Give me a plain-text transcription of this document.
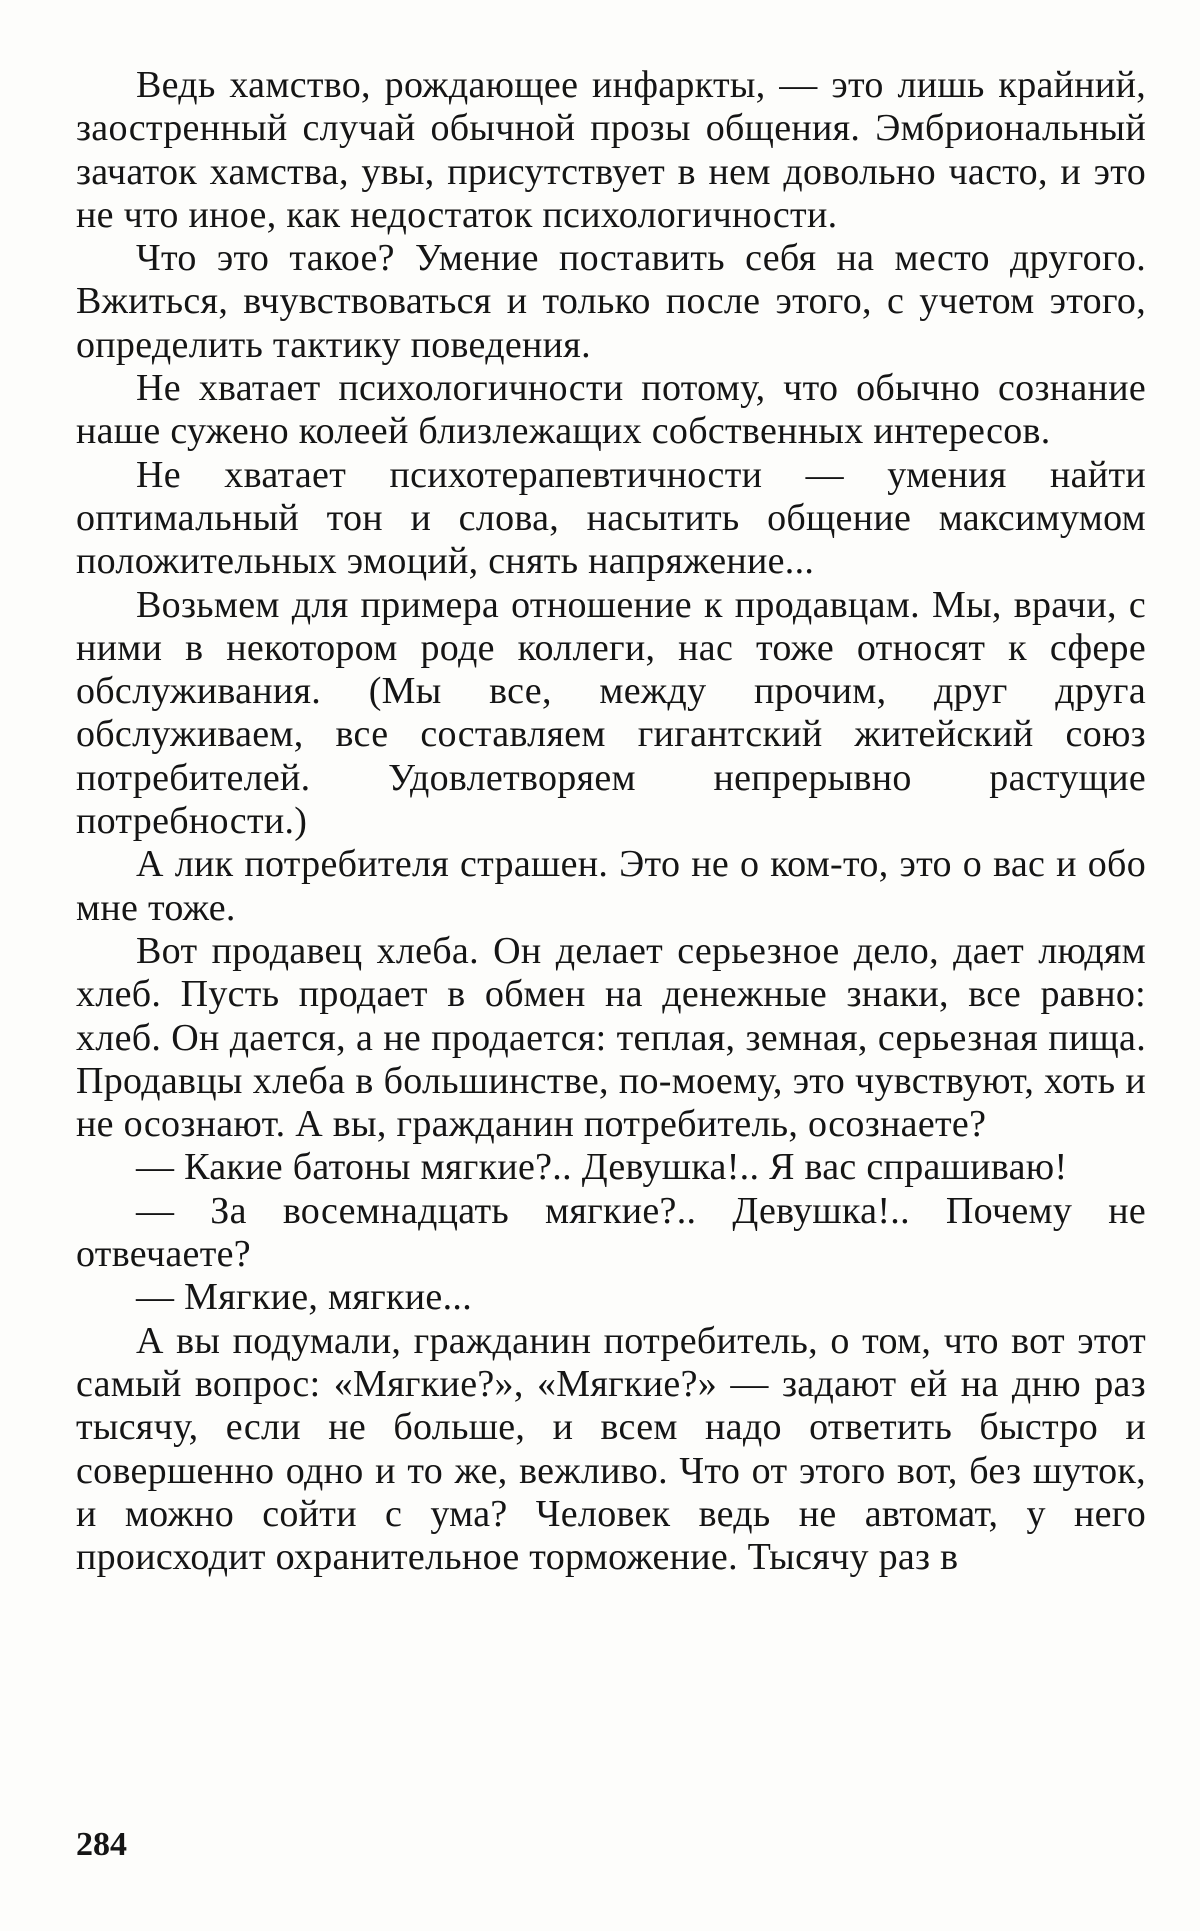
Ведь хамство, рождающее инфаркты, — это лишь крайний, заостренный случай обычной прозы общения. Эмбриональный зачаток хамства, увы, присутствует в нем довольно часто, и это не что иное, как недостаток психологичности.

Что это такое? Умение поставить себя на место другого. Вжиться, вчувствоваться и только после этого, с учетом этого, определить тактику поведения.

Не хватает психологичности потому, что обычно сознание наше сужено колеей близлежащих собственных интересов.

Не хватает психотерапевтичности — умения найти оптимальный тон и слова, насытить общение максимумом положительных эмоций, снять напряжение...

Возьмем для примера отношение к продавцам. Мы, врачи, с ними в некотором роде коллеги, нас тоже относят к сфере обслуживания. (Мы все, между прочим, друг друга обслуживаем, все составляем гигантский житейский союз потребителей. Удовлетворяем непрерывно растущие потребности.)

А лик потребителя страшен. Это не о ком-то, это о вас и обо мне тоже.

Вот продавец хлеба. Он делает серьезное дело, дает людям хлеб. Пусть продает в обмен на денежные знаки, все равно: хлеб. Он дается, а не продается: теплая, земная, серьезная пища. Продавцы хлеба в большинстве, по-моему, это чувствуют, хоть и не осознают. А вы, гражданин потребитель, осознаете?

— Какие батоны мягкие?.. Девушка!.. Я вас спрашиваю!

— За восемнадцать мягкие?.. Девушка!.. Почему не отвечаете?

— Мягкие, мягкие...

А вы подумали, гражданин потребитель, о том, что вот этот самый вопрос: «Мягкие?», «Мягкие?» — задают ей на дню раз тысячу, если не больше, и всем надо ответить быстро и совершенно одно и то же, вежливо. Что от этого вот, без шуток, и можно сойти с ума? Человек ведь не автомат, у него происходит охранительное торможение. Тысячу раз в

284
